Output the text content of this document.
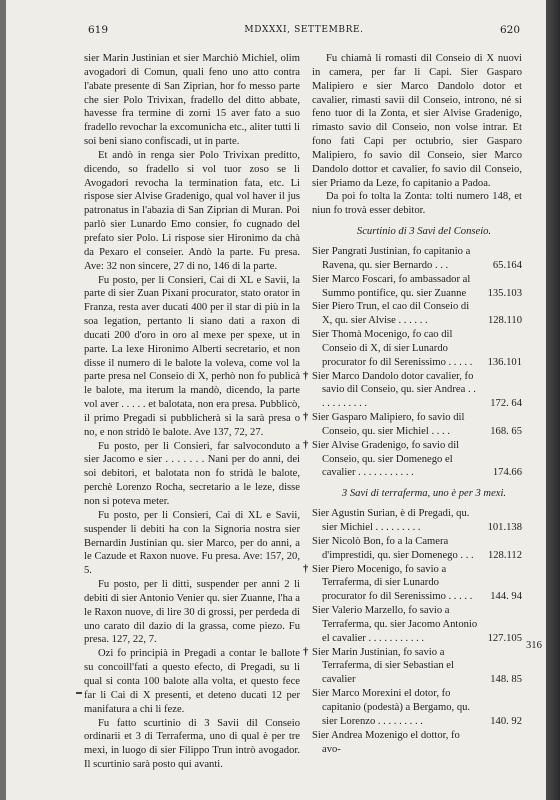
619	MDXXXI, SETTEMBRE.	620

sier Marin Justinian et sier Marchiò Michiel, olim avogadori di Comun, quali feno uno atto contra l'abate presente di San Ziprian, hor fo messo parte che sier Polo Trivixan, fradello del ditto abbate, havesse fra termine di zorni 15 aver fato a suo fradello revochar la excomunicha etc., aliter tutti li soi beni siano confiscadi, ut in parte.

Et andò in renga sier Polo Trivixan preditto, dicendo, so fradello si vol tuor zoso se li Avogadori revocha la termination fata, etc. Li rispose sier Alvise Gradenigo, qual vol haver il jus patronatus in l'abazia di San Ziprian di Muran. Poi parlò sier Lunardo Emo consier, fo cugnado del prefato sier Polo. Li rispose sier Hironimo da chà da Pexaro el conseier. Andò la parte. Fu presa. Ave: 32 non sincere, 27 di no, 146 di la parte.

Fu posto, per li Consieri, Cai di XL e Savii, la parte di sier Zuan Pixani procurator, stato orator in Franza, resta aver ducati 400 per il star di più in la soa legation, pertanto li siano dati a raxon di ducati 200 d'oro in oro al mexe per spexe, ut in parte. La lexe Hironimo Alberti secretario, et non disse il numero di le balote la voleva, come vol la parte presa nel Conseio di X, perhò non fo publicà le balote, ma iterum la mandò, dicendo, la parte vol aver . . . . . et balotata, non era presa. Pubblicò, il primo Pregadi si pubblicherà si la sarà presa o no, e non stridò le balote. Ave 137, 72, 27.

Fu posto, per li Consieri, far salvoconduto a sier Jacomo e sier . . . . . . . Nani per do anni, dei soi debitori, et balotata non fo stridà le balote, perchè Lorenzo Rocha, secretario a le leze, disse non si poteva meter.

Fu posto, per li Consieri, Cai di XL e Savii, suspender li debiti ha con la Signoria nostra sier Bernardin Justinian qu. sier Marco, per do anni, a le Cazude et Raxon nuove. Fu presa. Ave: 157, 20, 5.

Fu posto, per li ditti, suspender per anni 2 li debiti di sier Antonio Venier qu. sier Zuanne, l'ha a le Raxon nuove, di lire 30 di grossi, per perdeda di uno carato dil dazio di la grassa, come piezo. Fu presa. 127, 22, 7.

Ozi fo principià in Pregadi a contar le ballote su concoill'fati a questo efecto, di Pregadi, su li qual si conta 100 balote alla volta, et questo fece far li Cai di X presenti, et deteno ducati 12 per manifatura a chi li feze.

Fu fatto scurtinio di 3 Savii dil Conseio ordinarii et 3 di Terraferma, uno di qual è per tre mexi, in luogo di sier Filippo Trun intrò avogador. Il scurtinio sarà posto qui avanti.

Fu chiamà li romasti dil Conseio di X nuovi in camera, per far li Capi. Sier Gasparo Malipiero e sier Marco Dandolo dotor et cavalier, rimasti savii dil Conseio, introno, né si feno tuor di la Zonta, et sier Alvise Gradenigo, rimasto savio dil Conseio, non volse intrar. Et fono fati Capi per octubrio, sier Gasparo Malipiero, fo savio dil Conseio, sier Marco Dandolo dottor et cavalier, fo savio dil Conseio, sier Priamo da Leze, fo capitanio a Padoa.

Da poi fo tolta la Zonta: tolti numero 148, et niun fo trovà esser debitor.

Scurtinio di 3 Savi del Conseio.

Sier Pangrati Justinian, fo capitanio a Ravena, qu. sier Bernardo . . .	65.164
Sier Marco Foscari, fo ambassador al Summo pontifice, qu. sier Zuanne 135.103
Sier Piero Trun, el cao dil Conseio di X, qu. sier Alvise . . . . . .	128.110
Sier Thomà Mocenigo, fo cao dil Conseio di X, di sier Lunardo procurator fo dil Serenissimo . . . . . 136.101
† Sier Marco Dandolo dotor cavalier, fo savio dil Conseio, qu. sier Andrea . . . . . . . . . . .	172. 64
† Sier Gasparo Malipiero, fo savio dil Conseio, qu. sier Michiel . . . .	168. 65
† Sier Alvise Gradenigo, fo savio dil Conseio, qu. sier Domenego el cavalier . . . . . . . . . . .	174.66

3 Savi di terraferma, uno è per 3 mexi.

Sier Agustin Surian, è di Pregadi, qu. sier Michiel . . . . . . . . .	101.138
Sier Nicolò Bon, fo a la Camera d'imprestidi, qu. sier Domenego . . . 128.112
† Sier Piero Mocenigo, fo savio a Terraferma, di sier Lunardo procurator fo dil Serenissimo . . . . . 144. 94
Sier Valerio Marzello, fo savio a Terraferma, qu. sier Jacomo Antonio el cavalier . . . . . . . . . . .	127.105
† Sier Marin Justinian, fo savio a Terraferma, di sier Sebastian el cavalier	148. 85
Sier Marco Morexini el dotor, fo capitanio (podestà) a Bergamo, qu. sier Lorenzo . . . . . . . . .	140. 92
Sier Andrea Mozenigo el dottor, fo avo-
316
